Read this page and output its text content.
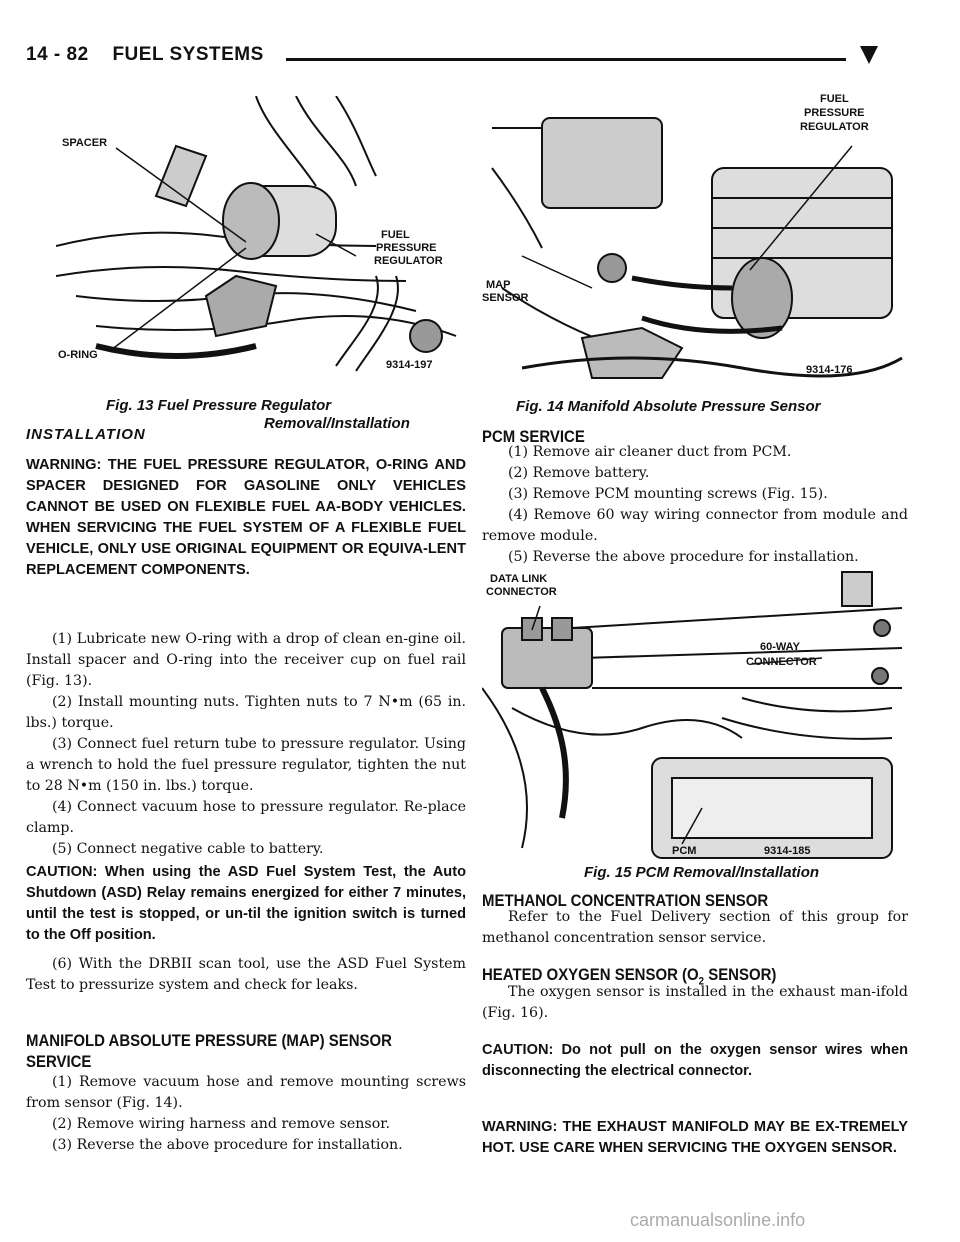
14 - 82 FUEL SYSTEMS
SPACER
FUEL
PRESSURE
REGULATOR
O-RING
9314-197
Fig. 13 Fuel Pressure Regulator
Removal/Installation
FUEL
PRESSURE
REGULATOR
MAP
SENSOR
9314-176
Fig. 14 Manifold Absolute Pressure Sensor
INSTALLATION
WARNING: THE FUEL PRESSURE REGULATOR, O-RING AND SPACER DESIGNED FOR GASOLINE ONLY VEHICLES CANNOT BE USED ON FLEXIBLE FUEL AA-BODY VEHICLES. WHEN SERVICING THE FUEL SYSTEM OF A FLEXIBLE FUEL VEHICLE, ONLY USE ORIGINAL EQUIPMENT OR EQUIVA-LENT REPLACEMENT COMPONENTS.

(1) Lubricate new O-ring with a drop of clean en-gine oil. Install spacer and O-ring into the receiver cup on fuel rail (Fig. 13).

(2) Install mounting nuts. Tighten nuts to 7 N•m (65 in. lbs.) torque.

(3) Connect fuel return tube to pressure regulator. Using a wrench to hold the fuel pressure regulator, tighten the nut to 28 N•m (150 in. lbs.) torque.

(4) Connect vacuum hose to pressure regulator. Re-place clamp.

(5) Connect negative cable to battery.

CAUTION: When using the ASD Fuel System Test, the Auto Shutdown (ASD) Relay remains energized for either 7 minutes, until the test is stopped, or un-til the ignition switch is turned to the Off position.

(6) With the DRBII scan tool, use the ASD Fuel System Test to pressurize system and check for leaks.

MANIFOLD ABSOLUTE PRESSURE (MAP) SENSOR
SERVICE

(1) Remove vacuum hose and remove mounting screws from sensor (Fig. 14).

(2) Remove wiring harness and remove sensor.

(3) Reverse the above procedure for installation.

PCM SERVICE

(1) Remove air cleaner duct from PCM.

(2) Remove battery.

(3) Remove PCM mounting screws (Fig. 15).

(4) Remove 60 way wiring connector from module and remove module.

(5) Reverse the above procedure for installation.

DATA LINK
CONNECTOR
60-WAY
CONNECTOR
PCM	9314-185
Fig. 15 PCM Removal/Installation
METHANOL CONCENTRATION SENSOR

Refer to the Fuel Delivery section of this group for methanol concentration sensor service.

HEATED OXYGEN SENSOR ($O_2$ SENSOR)

The oxygen sensor is installed in the exhaust man-ifold (Fig. 16).

CAUTION: Do not pull on the oxygen sensor wires when disconnecting the electrical connector.
WARNING: THE EXHAUST MANIFOLD MAY BE EX-TREMELY HOT. USE CARE WHEN SERVICING THE OXYGEN SENSOR.
carmanualsonline.info
